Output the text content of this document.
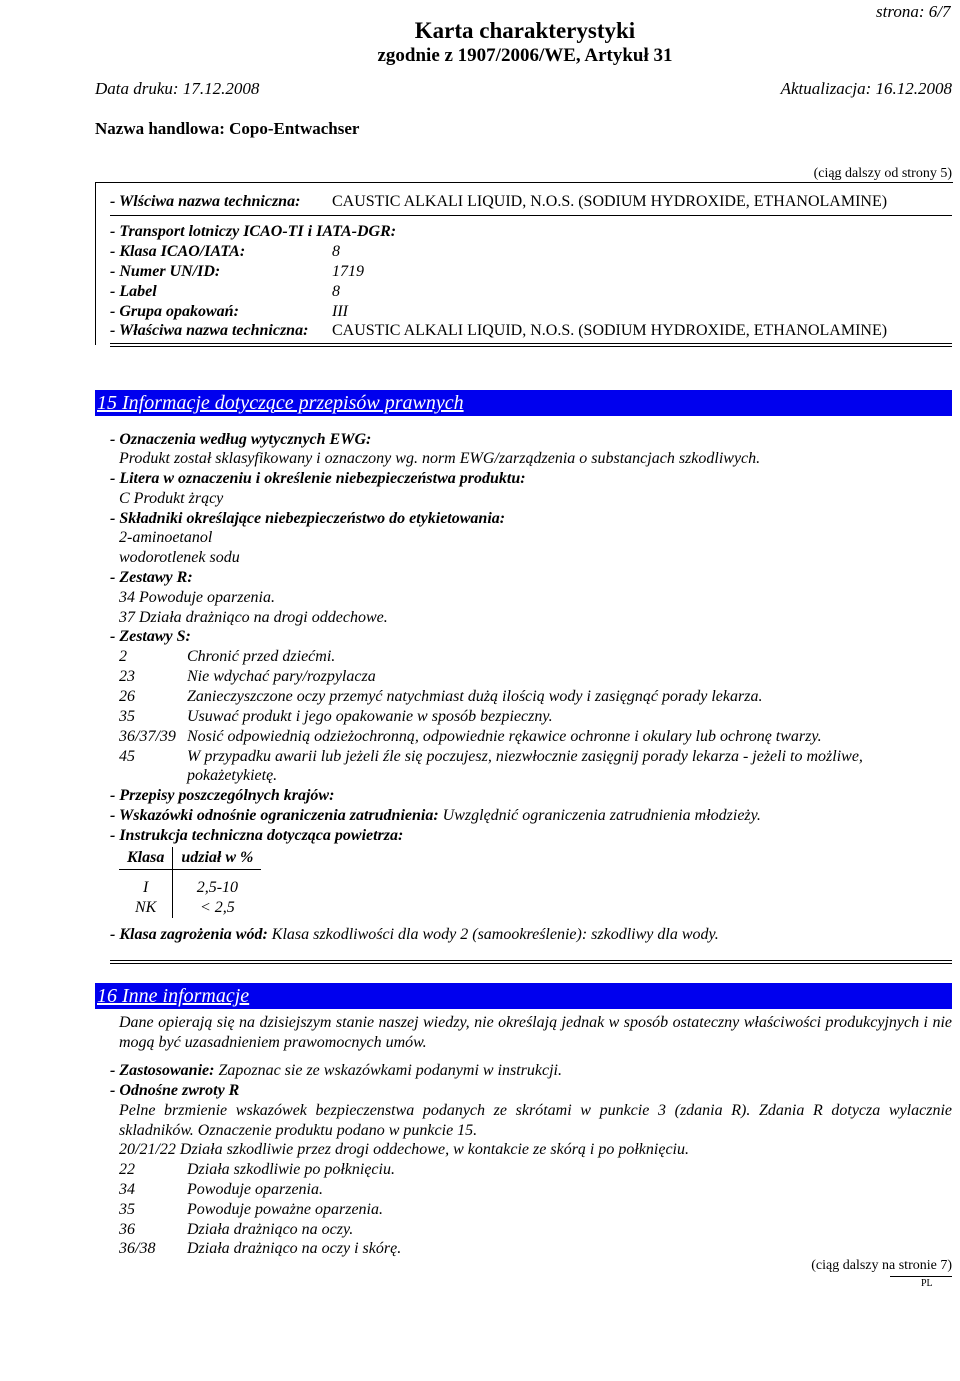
strona: 6/7
Karta charakterystyki
zgodnie z 1907/2006/WE, Artykuł 31
Data druku: 17.12.2008	Aktualizacja: 16.12.2008
Nazwa handlowa: Copo-Entwachser
(ciąg dalszy od strony 5)
- Wlściwa nazwa techniczna: CAUSTIC ALKALI LIQUID, N.O.S. (SODIUM HYDROXIDE, ETHANOLAMINE)
- Transport lotniczy ICAO-TI i IATA-DGR:
- Klasa ICAO/IATA:	8
- Numer UN/ID:	1719
- Label	8
- Grupa opakowań:	III
- Właściwa nazwa techniczna: CAUSTIC ALKALI LIQUID, N.O.S. (SODIUM HYDROXIDE, ETHANOLAMINE)
15 Informacje dotyczące przepisów prawnych
- Oznaczenia według wytycznych EWG:
Produkt został sklasyfikowany i oznaczony wg. norm EWG/zarządzenia o substancjach szkodliwych.
- Litera w oznaczeniu i określenie niebezpieczeństwa produktu:
C Produkt żrący
- Składniki określające niebezpieczeństwo do etykietowania:
2-aminoetanol
wodorotlenek sodu
- Zestawy R:
34 Powoduje oparzenia.
37 Działa drażniąco na drogi oddechowe.
- Zestawy S:
2	Chronić przed dziećmi.
23	Nie wdychać pary/rozpylacza
26	Zanieczyszczone oczy przemyć natychmiast dużą ilością wody i zasięgnąć porady lekarza.
35	Usuwać produkt i jego opakowanie w sposób bezpieczny.
36/37/39 Nosić odpowiednią odzieżochronną, odpowiednie rękawice ochronne i okulary lub ochronę twarzy.
45	W przypadku awarii lub jeżeli źle się poczujesz, niezwłocznie zasięgnij porady lekarza - jeżeli to możliwe,
pokażetykietę.
- Przepisy poszczególnych krajów:
- Wskazówki odnośnie ograniczenia zatrudnienia: Uwzględnić ograniczenia zatrudnienia młodzieży.
- Instrukcja techniczna dotycząca powietrza:
Klasa	udział w %
I	2,5-10
NK	< 2,5
- Klasa zagrożenia wód: Klasa szkodliwości dla wody 2 (samookreślenie): szkodliwy dla wody.
16 Inne informacje
Dane opierają się na dzisiejszym stanie naszej wiedzy, nie określają jednak w sposób ostateczny właściwości produkcyjnych i nie mogą być uzasadnieniem prawomocnych umów.
- Zastosowanie: Zapoznac sie ze wskazówkami podanymi w instrukcji.
- Odnośne zwroty R
Pelne brzmienie wskazówek bezpieczenstwa podanych ze skrótami w punkcie 3 (zdania R). Zdania R dotycza wylacznie skladników. Oznaczenie produktu podano w punkcie 15.
20/21/22 Działa szkodliwie przez drogi oddechowe, w kontakcie ze skórą i po połknięciu.
22	Działa szkodliwie po połknięciu.
34	Powoduje oparzenia.
35	Powoduje poważne oparzenia.
36	Działa drażniąco na oczy.
36/38 Działa drażniąco na oczy i skórę.
(ciąg dalszy na stronie 7)
PL
